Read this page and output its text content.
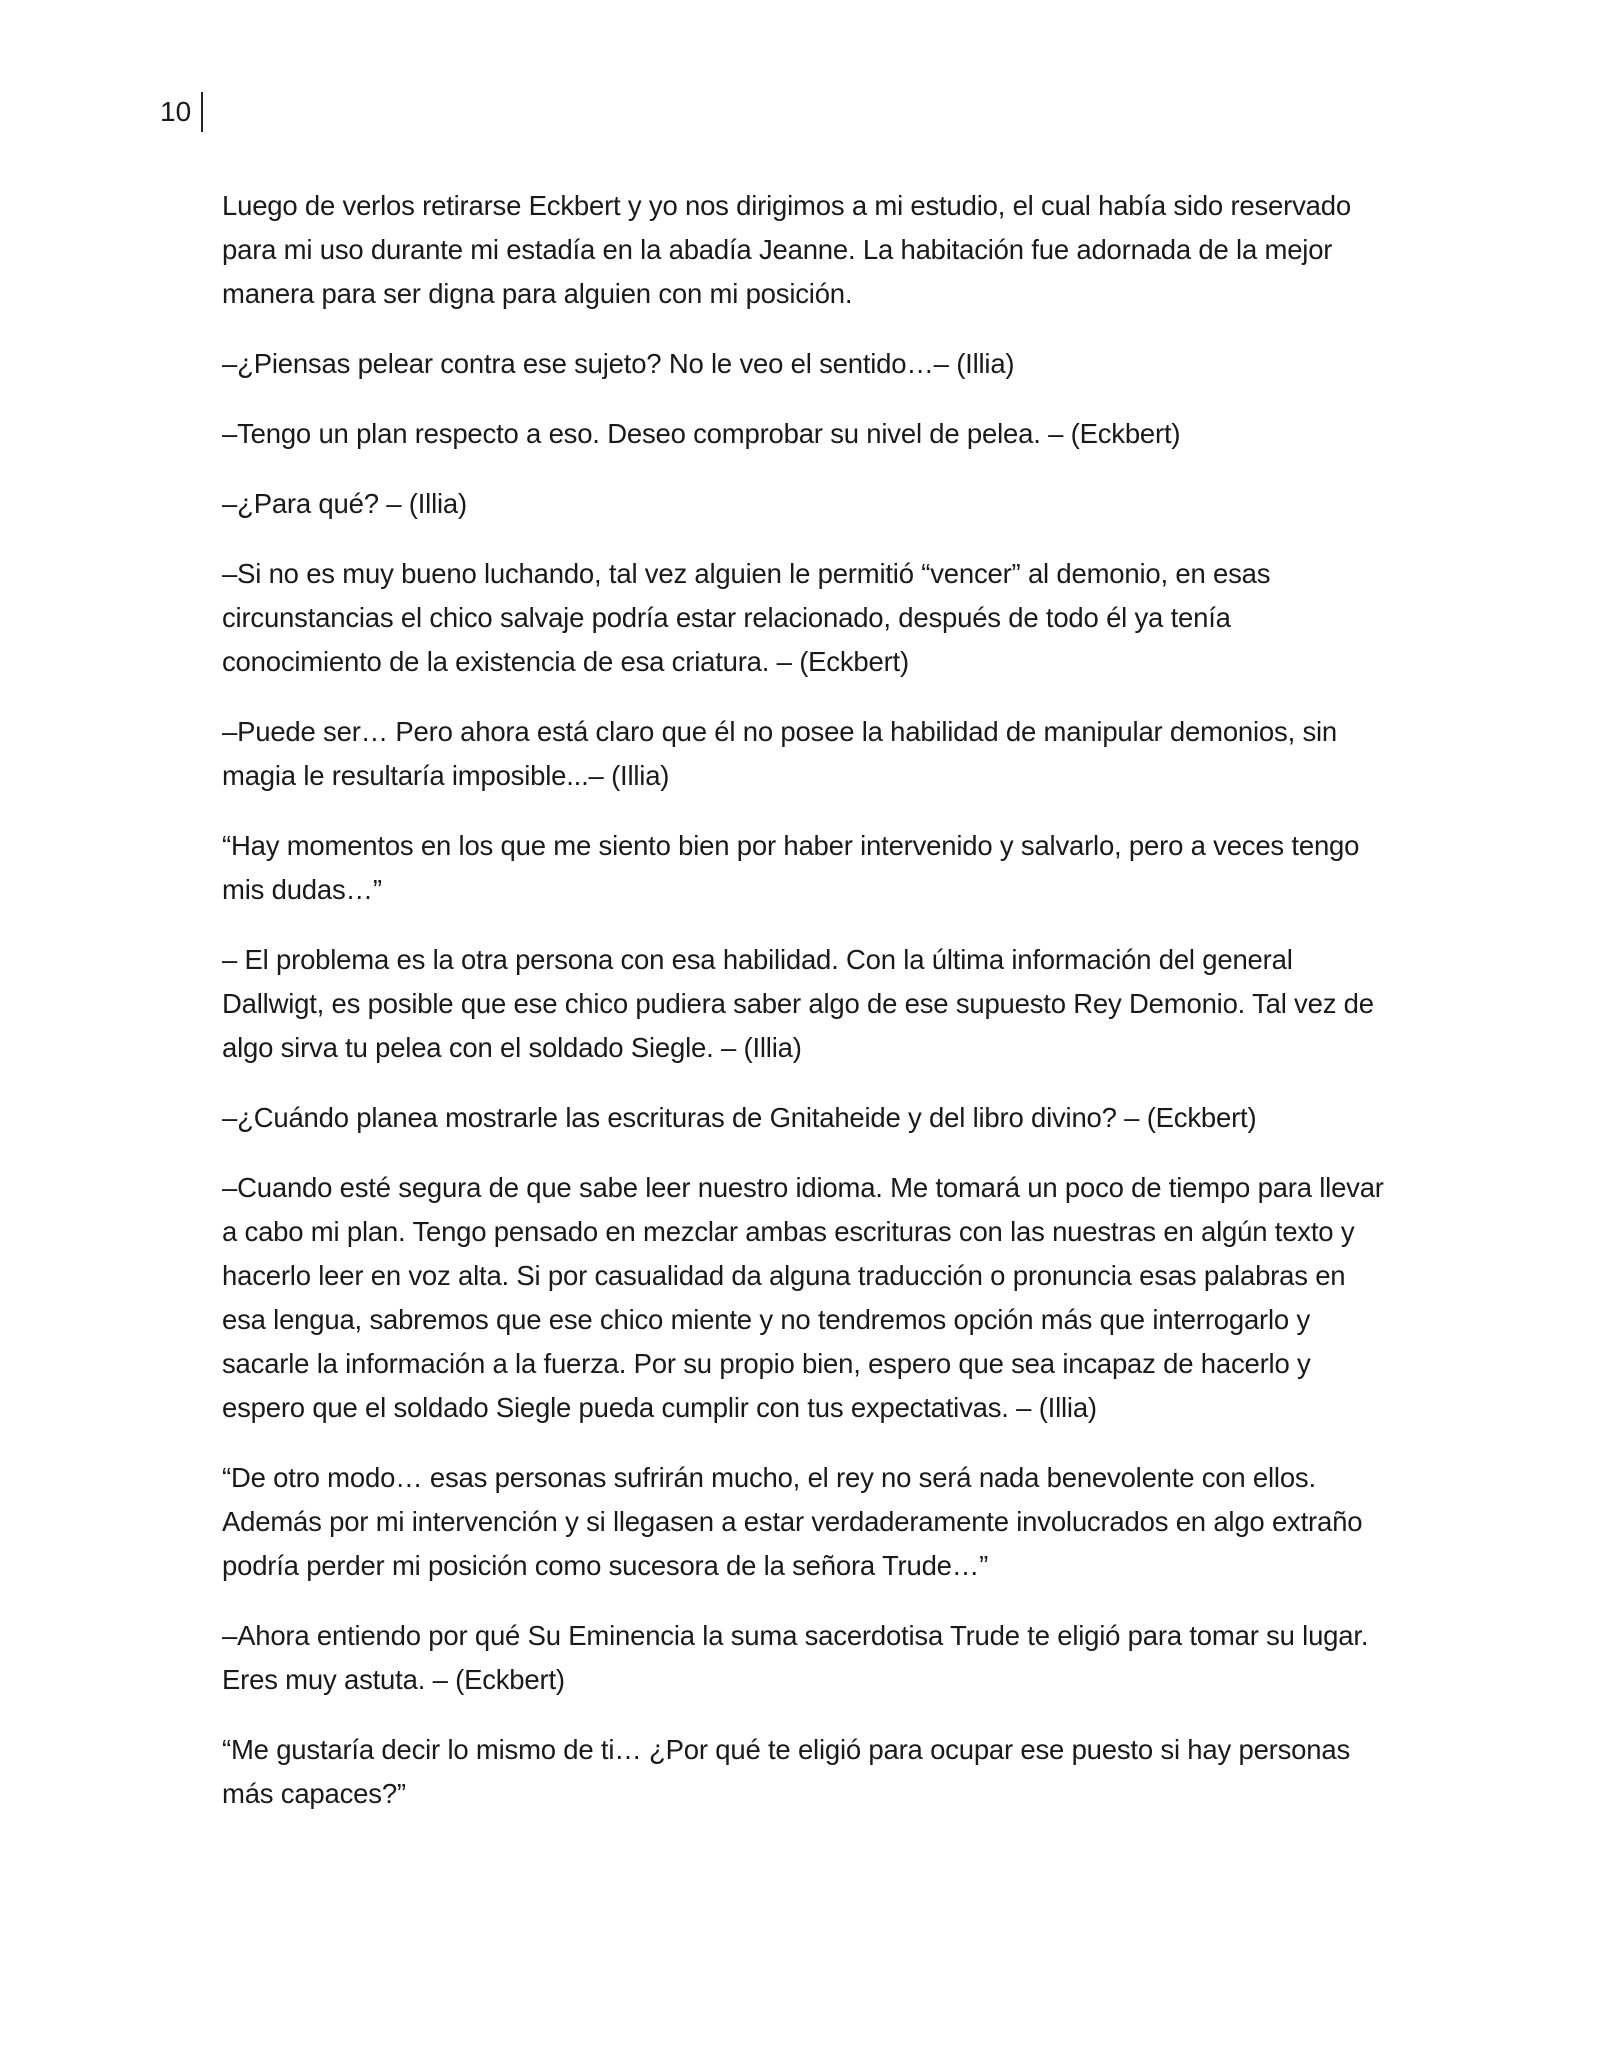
10

Luego de verlos retirarse Eckbert y yo nos dirigimos a mi estudio, el cual había sido reservado para mi uso durante mi estadía en la abadía Jeanne. La habitación fue adornada de la mejor manera para ser digna para alguien con mi posición.

–¿Piensas pelear contra ese sujeto? No le veo el sentido…– (Illia)

–Tengo un plan respecto a eso. Deseo comprobar su nivel de pelea. – (Eckbert)

–¿Para qué? – (Illia)

–Si no es muy bueno luchando, tal vez alguien le permitió “vencer” al demonio, en esas circunstancias el chico salvaje podría estar relacionado, después de todo él ya tenía conocimiento de la existencia de esa criatura. – (Eckbert)

–Puede ser… Pero ahora está claro que él no posee la habilidad de manipular demonios, sin magia le resultaría imposible...– (Illia)

“Hay momentos en los que me siento bien por haber intervenido y salvarlo, pero a veces tengo mis dudas…”

– El problema es la otra persona con esa habilidad. Con la última información del general Dallwigt, es posible que ese chico pudiera saber algo de ese supuesto Rey Demonio. Tal vez de algo sirva tu pelea con el soldado Siegle. – (Illia)

–¿Cuándo planea mostrarle las escrituras de Gnitaheide y del libro divino? – (Eckbert)

–Cuando esté segura de que sabe leer nuestro idioma. Me tomará un poco de tiempo para llevar a cabo mi plan. Tengo pensado en mezclar ambas escrituras con las nuestras en algún texto y hacerlo leer en voz alta. Si por casualidad da alguna traducción o pronuncia esas palabras en esa lengua, sabremos que ese chico miente y no tendremos opción más que interrogarlo y sacarle la información a la fuerza. Por su propio bien, espero que sea incapaz de hacerlo y espero que el soldado Siegle pueda cumplir con tus expectativas. – (Illia)

“De otro modo… esas personas sufrirán mucho, el rey no será nada benevolente con ellos. Además por mi intervención y si llegasen a estar verdaderamente involucrados en algo extraño podría perder mi posición como sucesora de la señora Trude…”

–Ahora entiendo por qué Su Eminencia la suma sacerdotisa Trude te eligió para tomar su lugar. Eres muy astuta. – (Eckbert)

“Me gustaría decir lo mismo de ti… ¿Por qué te eligió para ocupar ese puesto si hay personas más capaces?”
